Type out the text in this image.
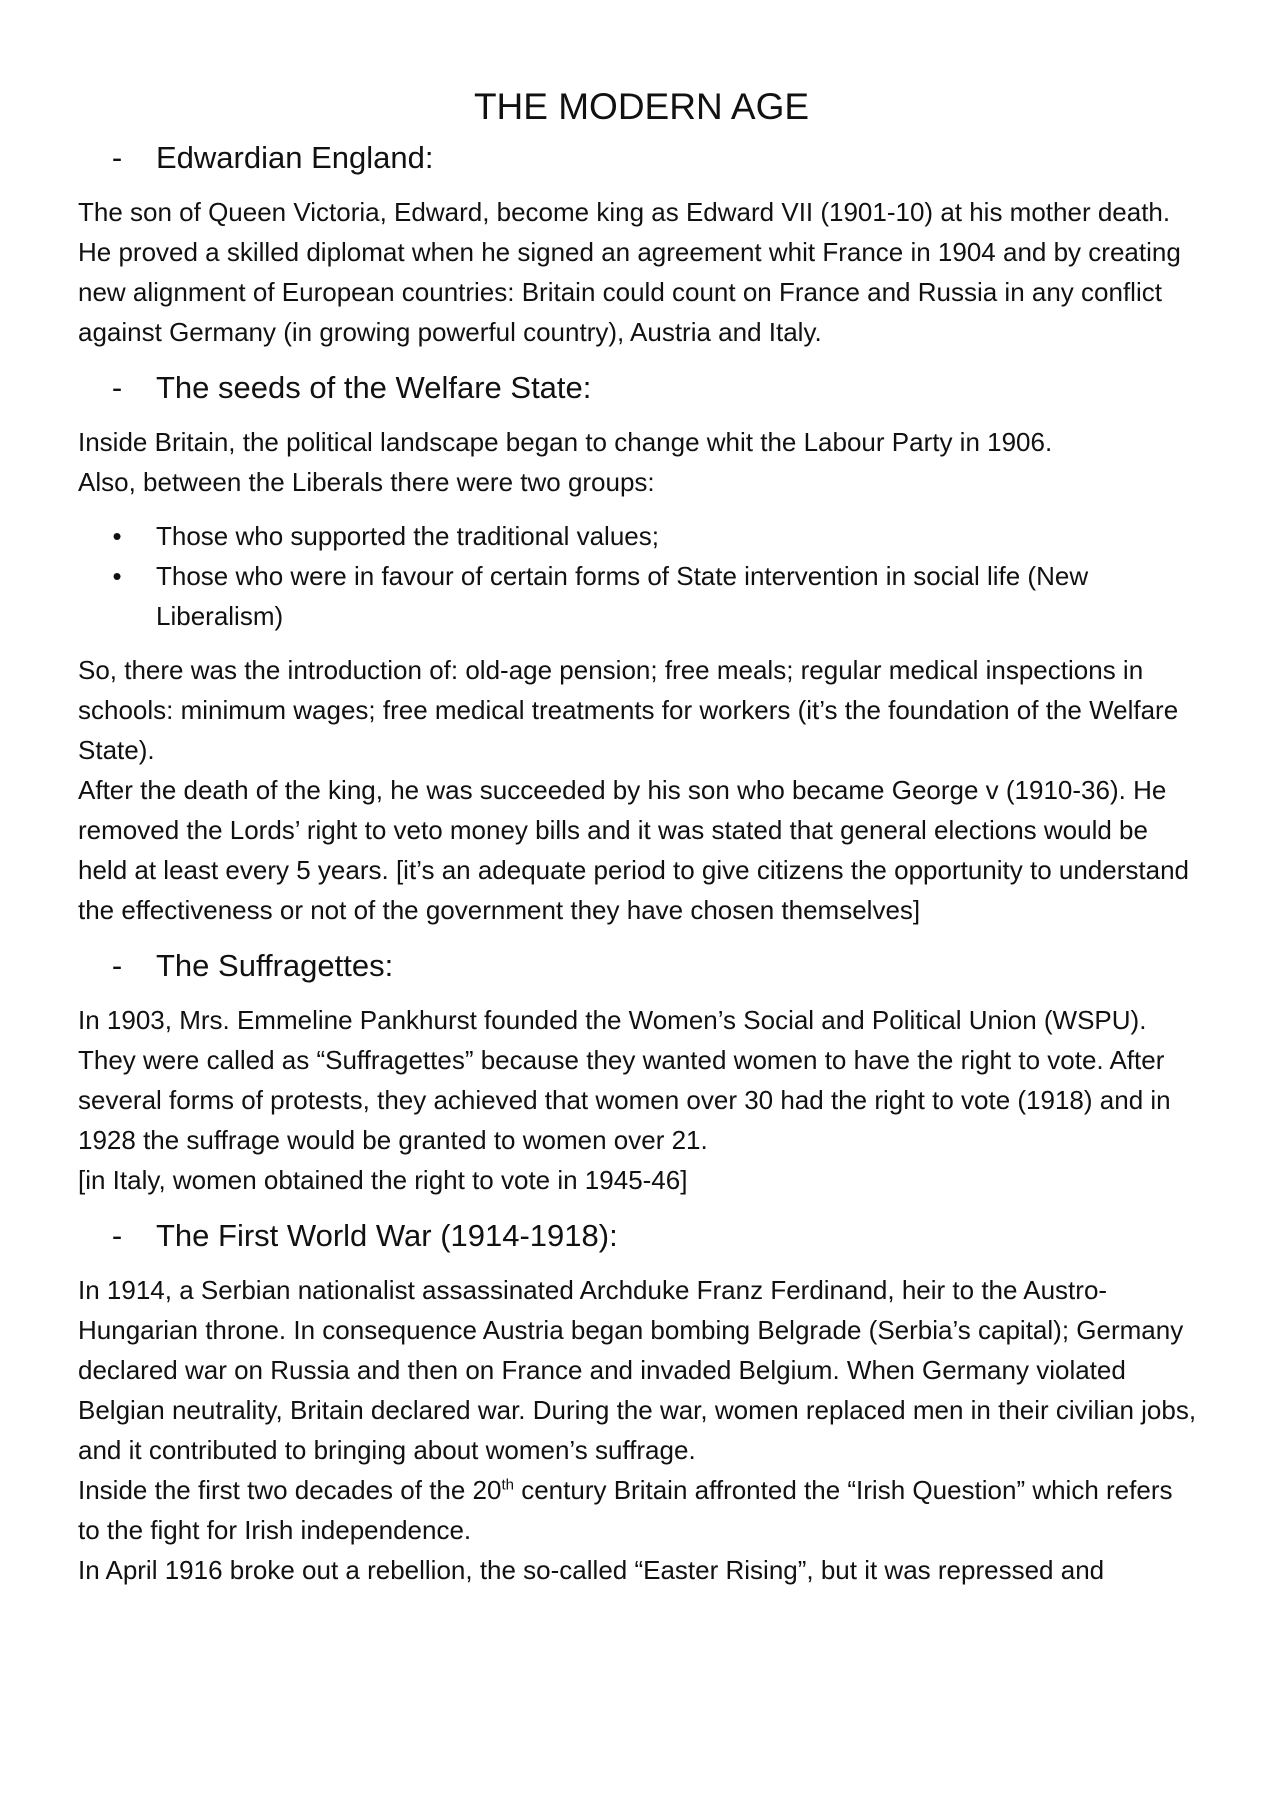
THE MODERN AGE
-	Edwardian England:

The son of Queen Victoria, Edward, become king as Edward VII (1901-10) at his mother death.
He proved a skilled diplomat when he signed an agreement whit France in 1904 and by creating new alignment of European countries: Britain could count on France and Russia in any conflict against Germany (in growing powerful country), Austria and Italy.

-	The seeds of the Welfare State:

Inside Britain, the political landscape began to change whit the Labour Party in 1906.
Also, between the Liberals there were two groups:

•	Those who supported the traditional values;
•	Those who were in favour of certain forms of State intervention in social life (New Liberalism)

So, there was the introduction of: old-age pension; free meals; regular medical inspections in schools: minimum wages; free medical treatments for workers (it’s the foundation of the Welfare State).
After the death of the king, he was succeeded by his son who became George v (1910-36). He removed the Lords’ right to veto money bills and it was stated that general elections would be held at least every 5 years. [it’s an adequate period to give citizens the opportunity to understand the effectiveness or not of the government they have chosen themselves]

-	The Suffragettes:

In 1903, Mrs. Emmeline Pankhurst founded the Women’s Social and Political Union (WSPU). They were called as “Suffragettes” because they wanted women to have the right to vote. After several forms of protests, they achieved that women over 30 had the right to vote (1918) and in 1928 the suffrage would be granted to women over 21.
[in Italy, women obtained the right to vote in 1945-46]

-	The First World War (1914-1918):

In 1914, a Serbian nationalist assassinated Archduke Franz Ferdinand, heir to the Austro-Hungarian throne. In consequence Austria began bombing Belgrade (Serbia’s capital); Germany declared war on Russia and then on France and invaded Belgium. When Germany violated Belgian neutrality, Britain declared war. During the war, women replaced men in their civilian jobs, and it contributed to bringing about women’s suffrage.
Inside the first two decades of the 20th century Britain affronted the “Irish Question” which refers to the fight for Irish independence.
In April 1916 broke out a rebellion, the so-called “Easter Rising”, but it was repressed and
